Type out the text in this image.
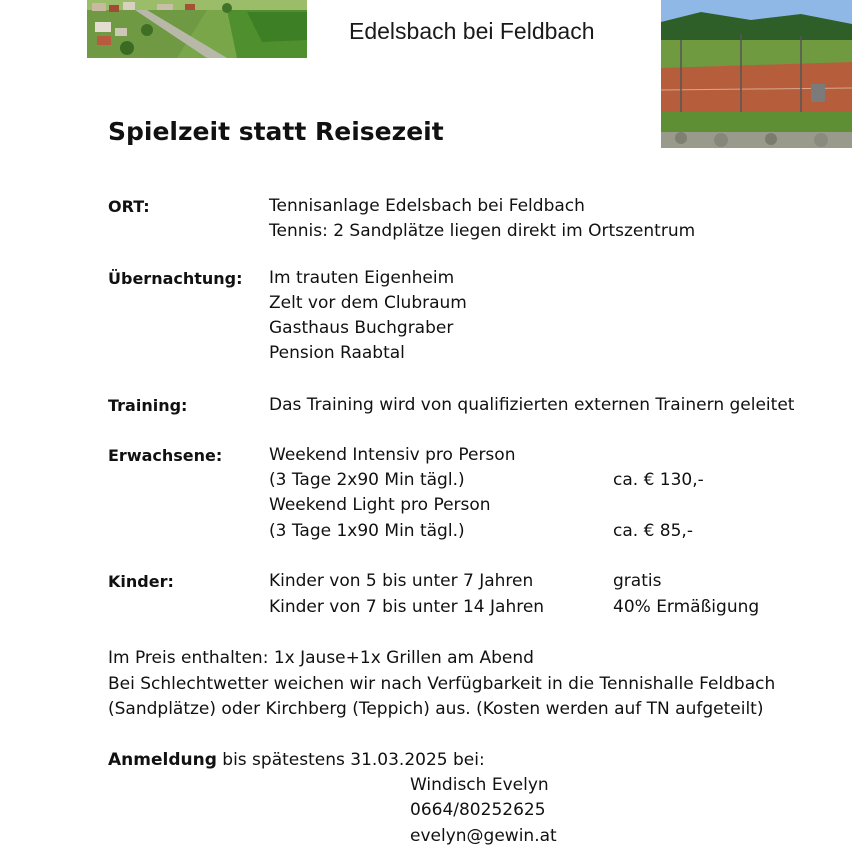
Edelsbach bei Feldbach
Spielzeit statt Reisezeit
ORT:	Tennisanlage Edelsbach bei Feldbach
Tennis: 2 Sandplätze liegen direkt im Ortszentrum
Übernachtung: Im trauten Eigenheim
Zelt vor dem Clubraum
Gasthaus Buchgraber
Pension Raabtal
Training:	Das Training wird von qualifizierten externen Trainern geleitet
Erwachsene:	Weekend Intensiv pro Person
(3 Tage 2x90 Min tägl.)	ca. € 130,-
Weekend Light pro Person
(3 Tage 1x90 Min tägl.)	ca. € 85,-
Kinder:	Kinder von 5 bis unter 7 Jahren	gratis
Kinder von 7 bis unter 14 Jahren	40% Ermäßigung
Im Preis enthalten: 1x Jause+1x Grillen am Abend
Bei Schlechtwetter weichen wir nach Verfügbarkeit in die Tennishalle Feldbach
(Sandplätze) oder Kirchberg (Teppich) aus. (Kosten werden auf TN aufgeteilt)
Anmeldung bis spätestens 31.03.2025 bei:
Windisch Evelyn
0664/80252625
evelyn@gewin.at
